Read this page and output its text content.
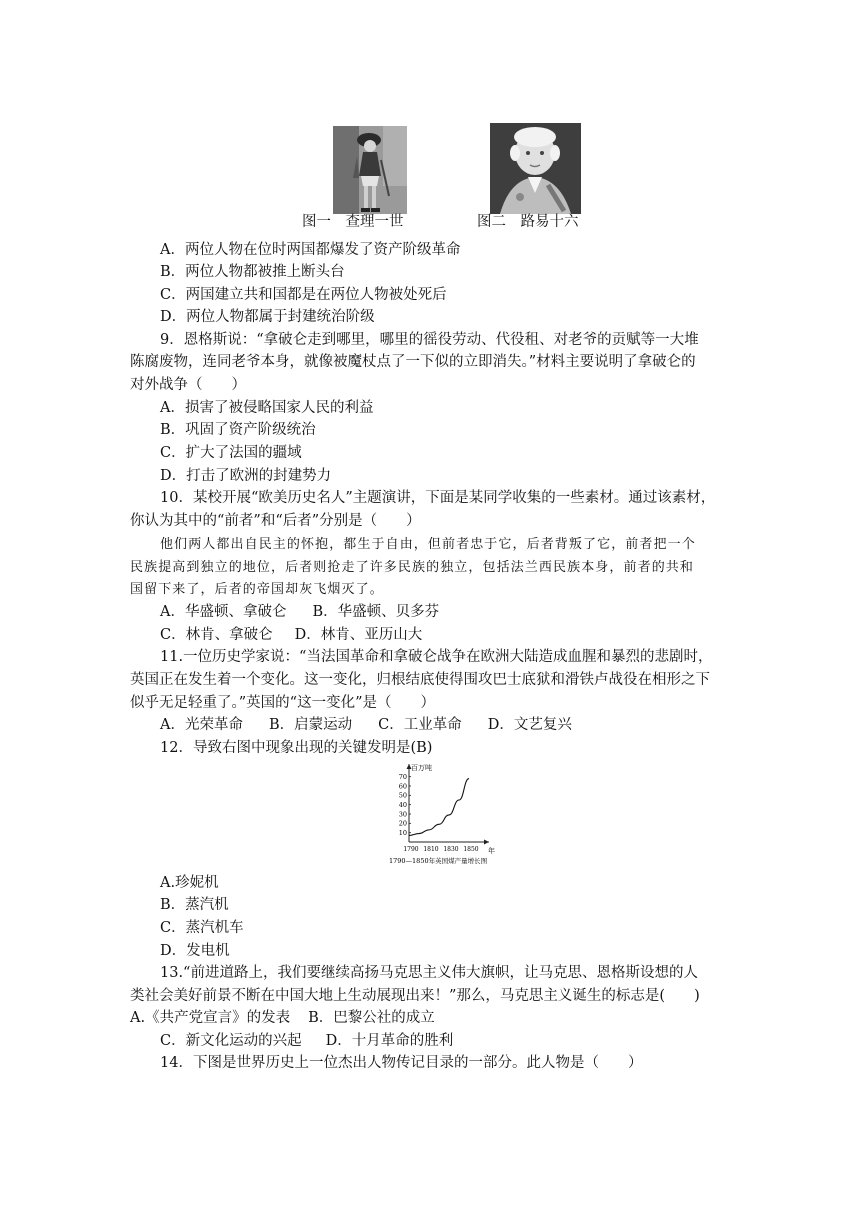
图一　查理一世	图二　路易十六
A．两位人物在位时两国都爆发了资产阶级革命
B．两位人物都被推上断头台
C．两国建立共和国都是在两位人物被处死后
D．两位人物都属于封建统治阶级
9．恩格斯说：“拿破仑走到哪里，哪里的徭役劳动、代役租、对老爷的贡赋等一大堆
陈腐废物，连同老爷本身，就像被魔杖点了一下似的立即消失。”材料主要说明了拿破仑的
对外战争（　　）
A．损害了被侵略国家人民的利益
B．巩固了资产阶级统治
C．扩大了法国的疆域
D．打击了欧洲的封建势力
10．某校开展“欧美历史名人”主题演讲，下面是某同学收集的一些素材。通过该素材，
你认为其中的“前者”和“后者”分别是（　　）
他们两人都出自民主的怀抱，都生于自由，但前者忠于它，后者背叛了它，前者把一个
民族提高到独立的地位，后者则抢走了许多民族的独立，包括法兰西民族本身，前者的共和
国留下来了，后者的帝国却灰飞烟灭了。
A．华盛顿、拿破仑 B．华盛顿、贝多芬
C．林肯、拿破仑 D．林肯、亚历山大
11.一位历史学家说：“当法国革命和拿破仑战争在欧洲大陆造成血腥和暴烈的悲剧时，
英国正在发生着一个变化。这一变化，归根结底使得围攻巴士底狱和滑铁卢战役在相形之下
似乎无足轻重了。”英国的“这一变化”是（　　）
A．光荣革命 B．启蒙运动 C．工业革命 D．文艺复兴
12．导致右图中现象出现的关键发明是(B)
10
20
30
40
50
60
70
1790 1810 1830 1850
百万吨
年
1790—1850年英国煤产量增长图
A.珍妮机
B．蒸汽机
C．蒸汽机车
D．发电机
13.“前进道路上，我们要继续高扬马克思主义伟大旗帜，让马克思、恩格斯设想的人
类社会美好前景不断在中国大地上生动展现出来！”那么，马克思主义诞生的标志是(　　)
A.《共产党宣言》的发表 B．巴黎公社的成立
C．新文化运动的兴起 D．十月革命的胜利
14．下图是世界历史上一位杰出人物传记目录的一部分。此人物是（　　）
